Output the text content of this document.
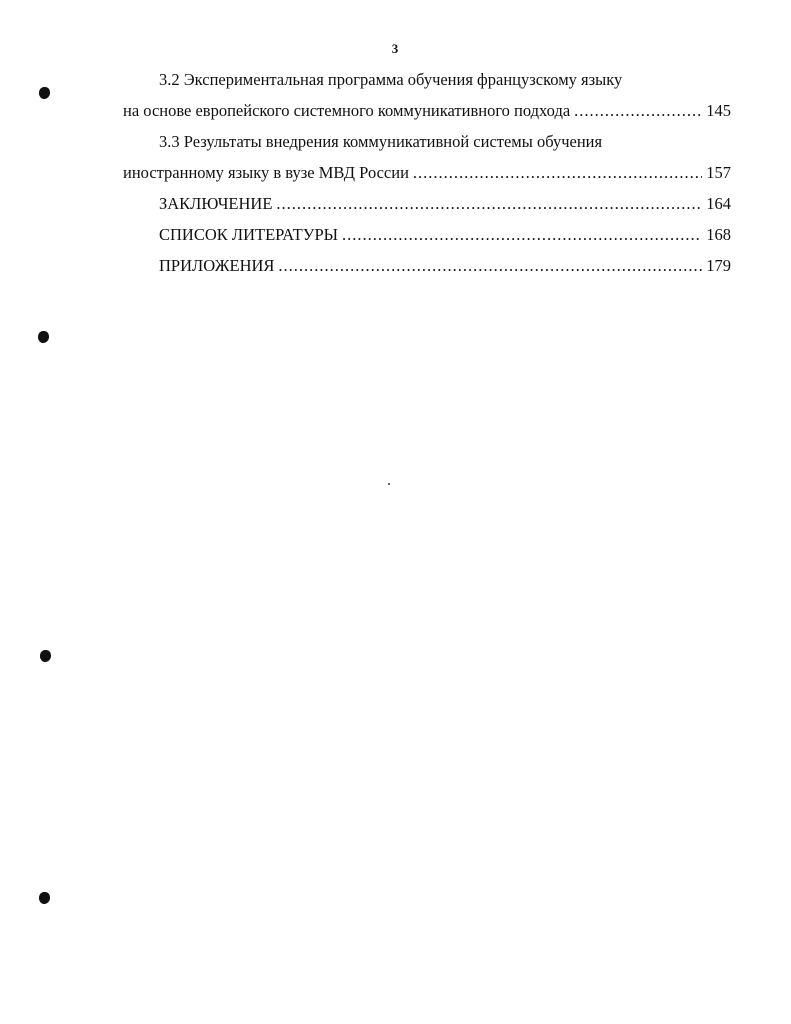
3
3.2 Экспериментальная программа обучения французскому языку
на основе европейского системного коммуникативного подхода .....	145
3.3 Результаты внедрения коммуникативной системы обучения
иностранному языку в вузе МВД России .....	157
ЗАКЛЮЧЕНИЕ .....	164
СПИСОК ЛИТЕРАТУРЫ .....	168
ПРИЛОЖЕНИЯ .....	179
